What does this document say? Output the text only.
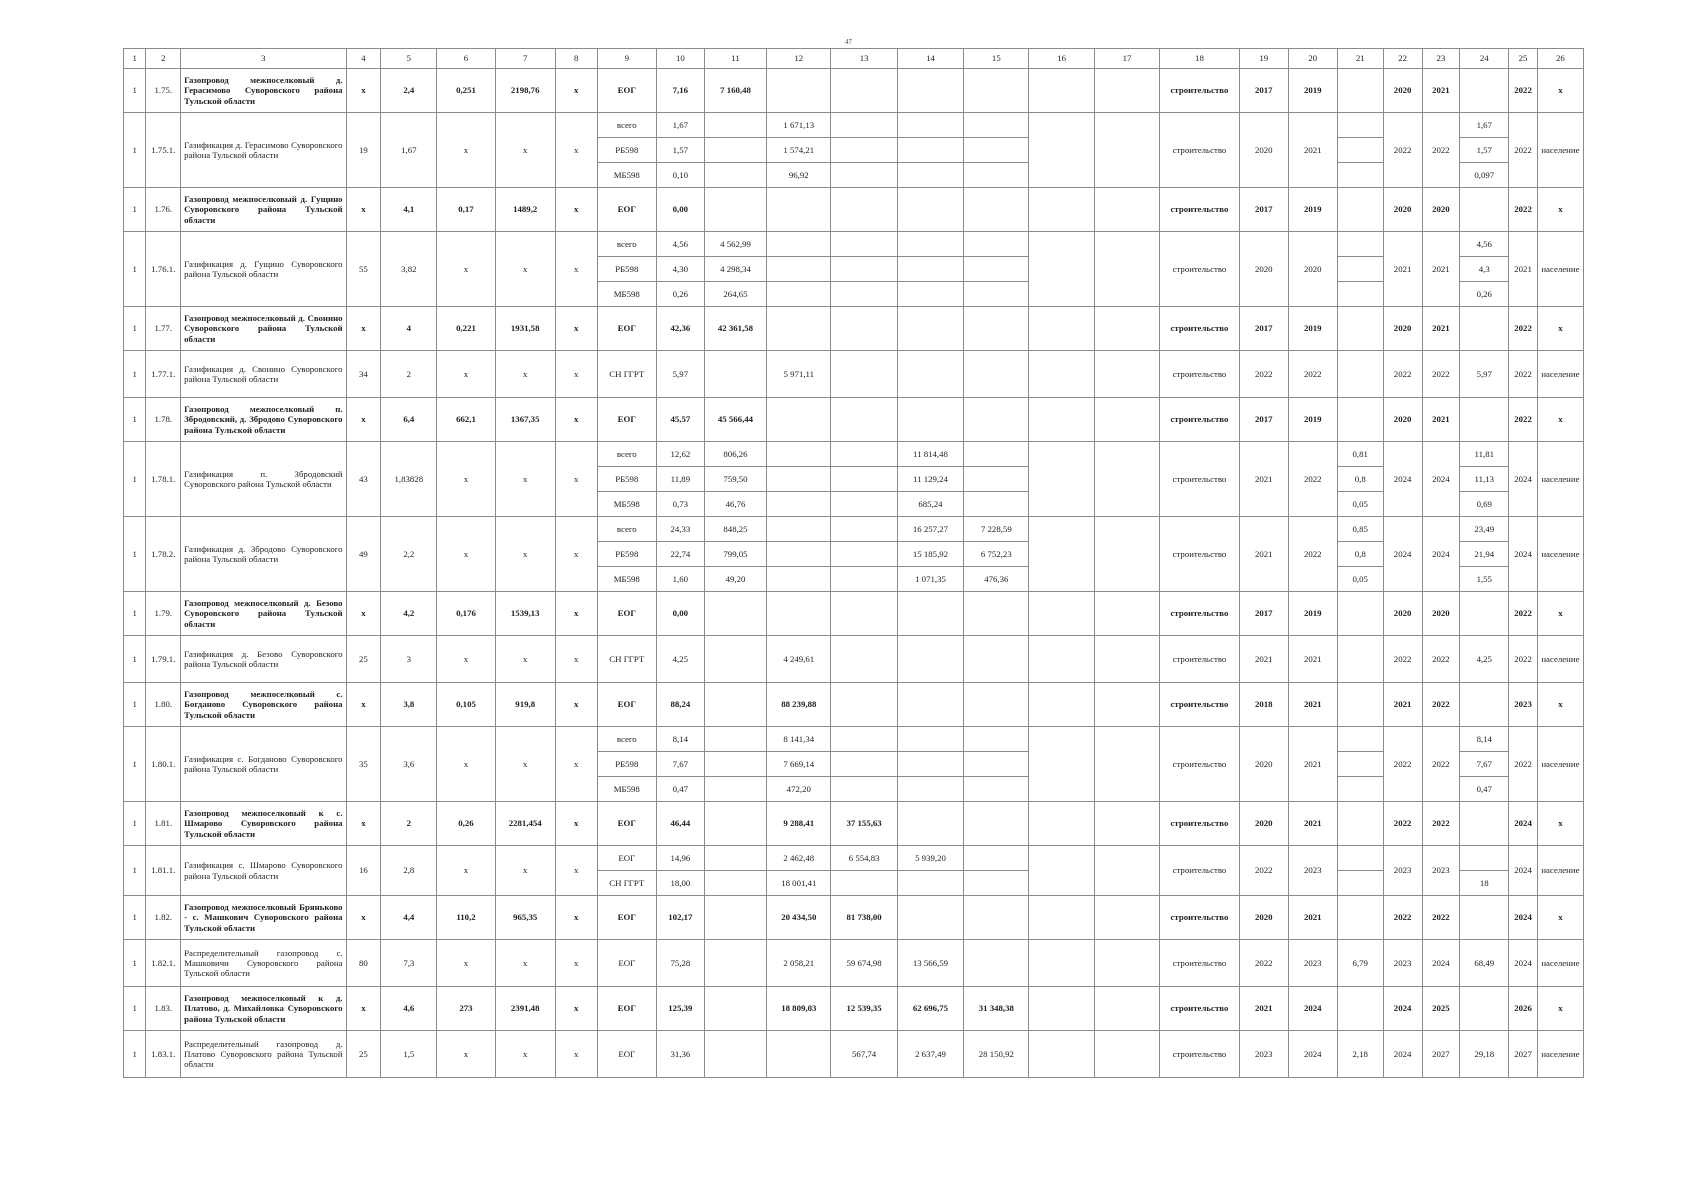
47
1	2	3	4	5	6	7	8	9	10	11	12	13	14	15	16	17	18	19	20	21	22	23	24	25	26
1	1.75.	Газопровод межпоселковый д. Герасимово Суворовского района Тульской области	x	2,4	0,251	2198,76	x	ЕОГ	7,16	7 160,48							строительство	2017	2019		2020	2021		2022	x
1	1.75.1.	Газификация д. Герасимово Суворовского района Тульской области	19	1,67	x	x	x	всего	1,67		1 671,13						строительство	2020	2021		2022	2022	1,67	2022	население
								РБ598	1,57		1 574,21												1,57		
								МБ598	0,10		96,92												0,097		
1	1.76.	Газопровод межпоселковый д. Гущино Суворовского района Тульской области	x	4,1	0,17	1489,2	x	ЕОГ	0,00								строительство	2017	2019		2020	2020		2022	x
1	1.76.1.	Газификация д. Гущино Суворовского района Тульской области	55	3,82	x	x	x	всего	4,56	4 562,99							строительство	2020	2020		2021	2021	4,56	2021	население
								РБ598	4,30	4 298,34													4,3		
								МБ598	0,26	264,65													0,26		
1	1.77.	Газопровод межпоселковый д. Свонино Суворовского района Тульской области	x	4	0,221	1931,58	x	ЕОГ	42,36	42 361,58							строительство	2017	2019		2020	2021		2022	x
1	1.77.1.	Газификация д. Свонино Суворовского района Тульской области	34	2	x	x	x	СН ГГРТ	5,97		5 971,11						строительство	2022	2022		2022	2022	5,97	2022	население
1	1.78.	Газопровод межпоселковый п. Збродовский, д. Збродово Суворовского района Тульской области	x	6,4	662,1	1367,35	x	ЕОГ	45,57	45 566,44							строительство	2017	2019		2020	2021		2022	x
1	1.78.1.	Газификация п. Збродовский Суворовского района Тульской области	43	1,83828	x	x	x	всего	12,62	806,26			11 814,48				строительство	2021	2022	0,81	2024	2024	11,81	2024	население
								РБ598	11,89	759,50			11 129,24							0,8			11,13		
								МБ598	0,73	46,76			685,24							0,05			0,69		
1	1.78.2.	Газификация д. Збродово Суворовского района Тульской области	49	2,2	x	x	x	всего	24,33	848,25			16 257,27	7 228,59			строительство	2021	2022	0,85	2024	2024	23,49	2024	население
								РБ598	22,74	799,05			15 185,92	6 752,23						0,8			21,94		
								МБ598	1,60	49,20			1 071,35	476,36						0,05			1,55		
1	1.79.	Газопровод межпоселковый д. Безово Суворовского района Тульской области	x	4,2	0,176	1539,13	x	ЕОГ	0,00								строительство	2017	2019		2020	2020		2022	x
1	1.79.1.	Газификация д. Безово Суворовского района Тульской области	25	3	x	x	x	СН ГГРТ	4,25		4 249,61						строительство	2021	2021		2022	2022	4,25	2022	население
1	1.80.	Газопровод межпоселковый с. Богданово Суворовского района Тульской области	x	3,8	0,105	919,8	x	ЕОГ	88,24		88 239,88						строительство	2018	2021		2021	2022		2023	x
1	1.80.1.	Газификация с. Богданово Суворовского района Тульской области	35	3,6	x	x	x	всего	8,14		8 141,34						строительство	2020	2021		2022	2022	8,14	2022	население
								РБ598	7,67		7 669,14												7,67		
								МБ598	0,47		472,20												0,47		
1	1.81.	Газопровод межпоселковый к с. Шмарово Суворовского района Тульской области	x	2	0,26	2281,454	x	ЕОГ	46,44		9 288,41	37 155,63					строительство	2020	2021		2022	2022		2024	x
1	1.81.1.	Газификация с. Шмарово Суворовского района Тульской области	16	2,8	x	x	x	ЕОГ	14,96		2 462,48	6 554,83	5 939,20				строительство	2022	2023		2023	2023		2024	население
								СН ГГРТ	18,00		18 001,41												18		
1	1.82.	Газопровод межпоселковый Бряньково - с. Машкович Суворовского района Тульской области	x	4,4	110,2	965,35	x	ЕОГ	102,17		20 434,50	81 738,00					строительство	2020	2021		2022	2022		2024	x
1	1.82.1.	Распределительный газопровод с. Машковичи Суворовского района Тульской области	80	7,3	x	x	x	ЕОГ	75,28		2 058,21	59 674,98	13 566,59				строительство	2022	2023	6,79	2023	2024	68,49	2024	население
1	1.83.	Газопровод межпоселковый к д. Платово, д. Михайловка Суворовского района Тульской области	x	4,6	273	2391,48	x	ЕОГ	125,39		18 809,03	12 539,35	62 696,75	31 348,38			строительство	2021	2024		2024	2025		2026	x
1	1.83.1.	Распределительный газопровод д. Платово Суворовского района Тульской области	25	1,5	x	x	x	ЕОГ	31,36			567,74	2 637,49	28 150,92			строительство	2023	2024	2,18	2024	2027	29,18	2027	население
